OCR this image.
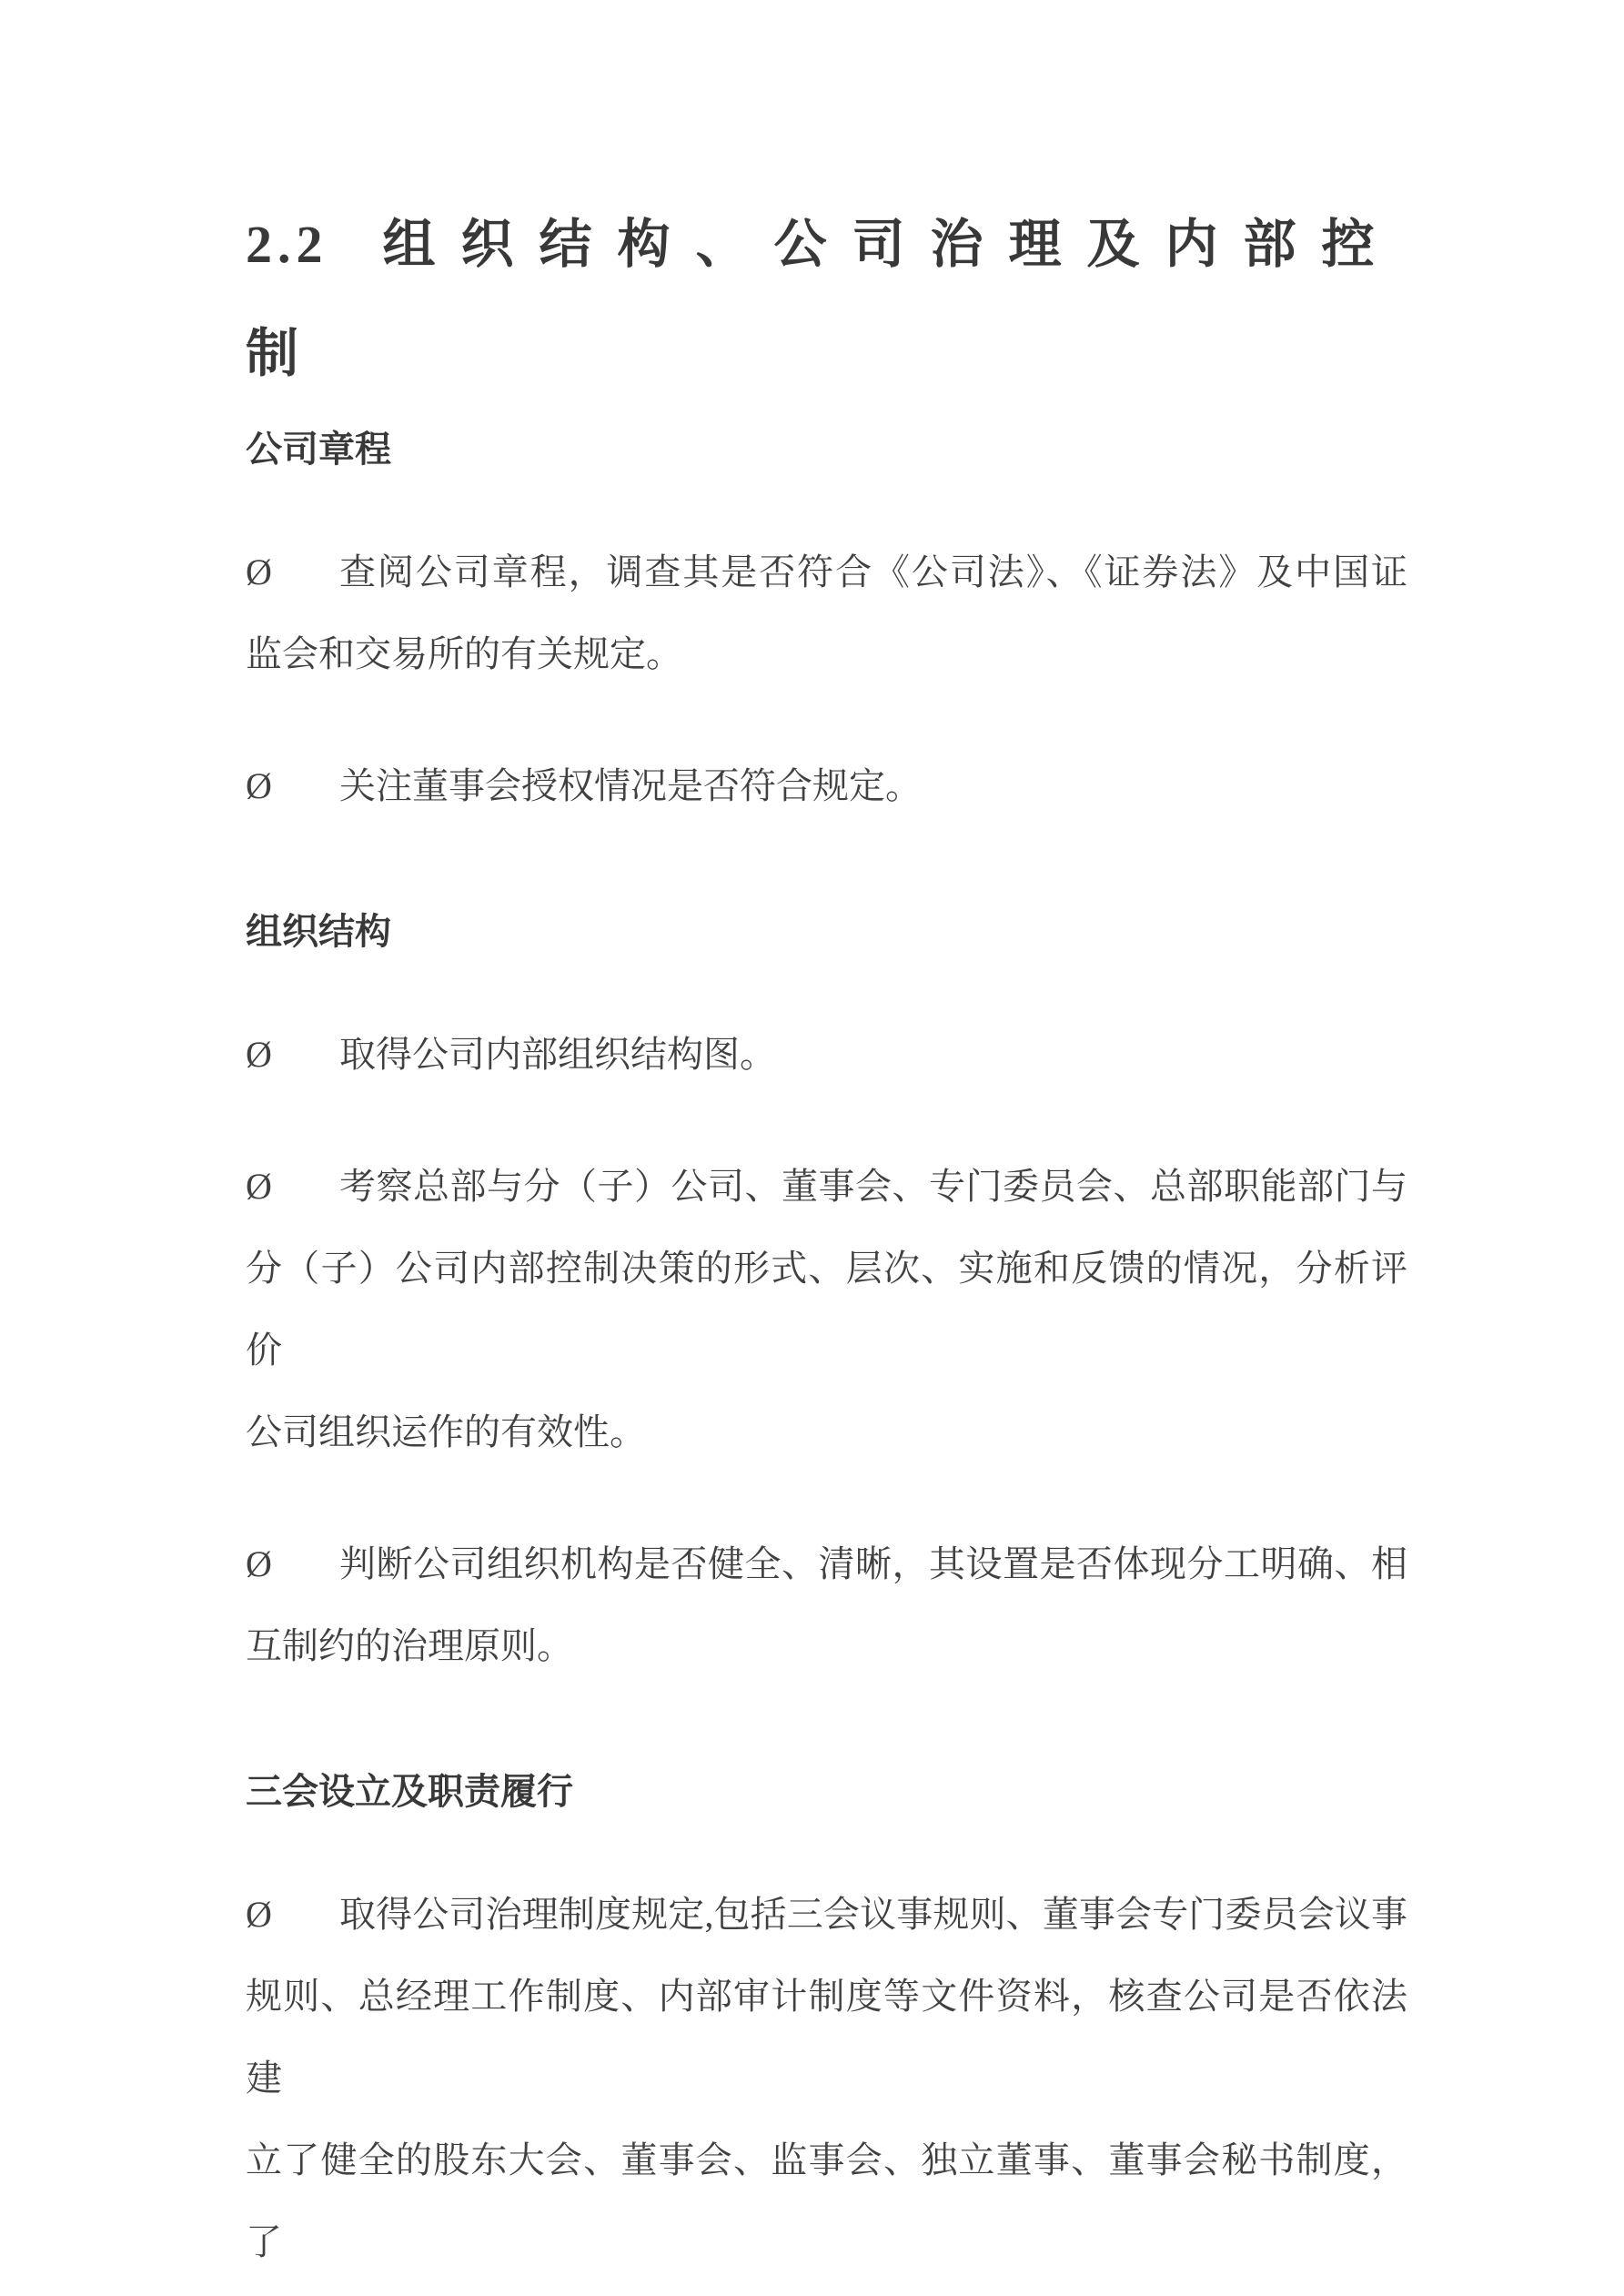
2.2 组织结构、公司治理及内部控
制
公司章程
Ø	查阅公司章程，调查其是否符合《公司法》、《证券法》及中国证
监会和交易所的有关规定。
Ø	关注董事会授权情况是否符合规定。
组织结构
Ø	取得公司内部组织结构图。
Ø	考察总部与分（子）公司、董事会、专门委员会、总部职能部门与
分（子）公司内部控制决策的形式、层次、实施和反馈的情况，分析评价
公司组织运作的有效性。
Ø	判断公司组织机构是否健全、清晰，其设置是否体现分工明确、相
互制约的治理原则。
三会设立及职责履行
Ø	取得公司治理制度规定,包括三会议事规则、董事会专门委员会议事
规则、总经理工作制度、内部审计制度等文件资料，核查公司是否依法建
立了健全的股东大会、董事会、监事会、独立董事、董事会秘书制度，了
